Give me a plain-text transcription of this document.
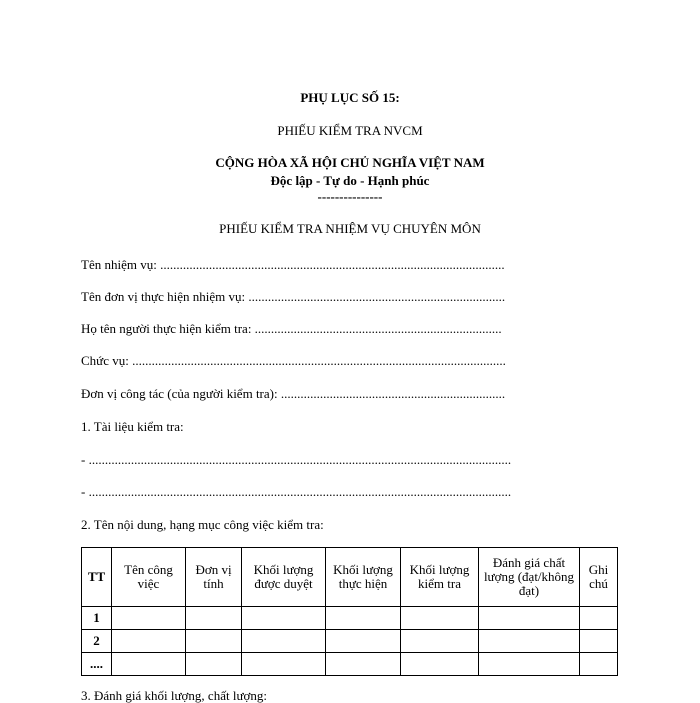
PHỤ LỤC SỐ 15:
PHIẾU KIỂM TRA NVCM
CỘNG HÒA XÃ HỘI CHỦ NGHĨA VIỆT NAM
Độc lập - Tự do - Hạnh phúc
---------------
PHIẾU KIỂM TRA NHIỆM VỤ CHUYÊN MÔN
Tên nhiệm vụ: ..........................................................................................................
Tên đơn vị thực hiện nhiệm vụ: ...............................................................................
Họ tên người thực hiện kiểm tra: ............................................................................
Chức vụ: ...................................................................................................................
Đơn vị công tác (của người kiểm tra): .....................................................................
1. Tài liệu kiểm tra:
- ..................................................................................................................................
- ..................................................................................................................................
2. Tên nội dung, hạng mục công việc kiểm tra:
TT	Tên công việc	Đơn vị tính	Khối lượng được duyệt	Khối lượng thực hiện	Khối lượng kiểm tra	Đánh giá chất lượng (đạt/không đạt)	Ghi chú
1							
2							
....							
3. Đánh giá khối lượng, chất lượng:
